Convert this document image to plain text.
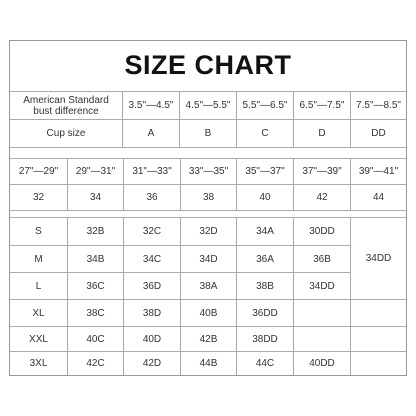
SIZE CHART
American Standard
bust difference	3.5"—4.5"	4.5"—5.5"	5.5"—6.5"	6.5"—7.5"	7.5"—8.5"
Cup size	A	B	C	D	DD
27"—29"	29"—31"	31"—33"	33"—35"	35"—37"	37"—39"	39"—41"
32	34	36	38	40	42	44
S	32B	32C	32D	34A	30DD
M	34B	34C	34D	36A	36B	34DD
L	36C	36D	38A	38B	34DD
XL	38C	38D	40B	36DD
XXL	40C	40D	42B	38DD
3XL	42C	42D	44B	44C	40DD
